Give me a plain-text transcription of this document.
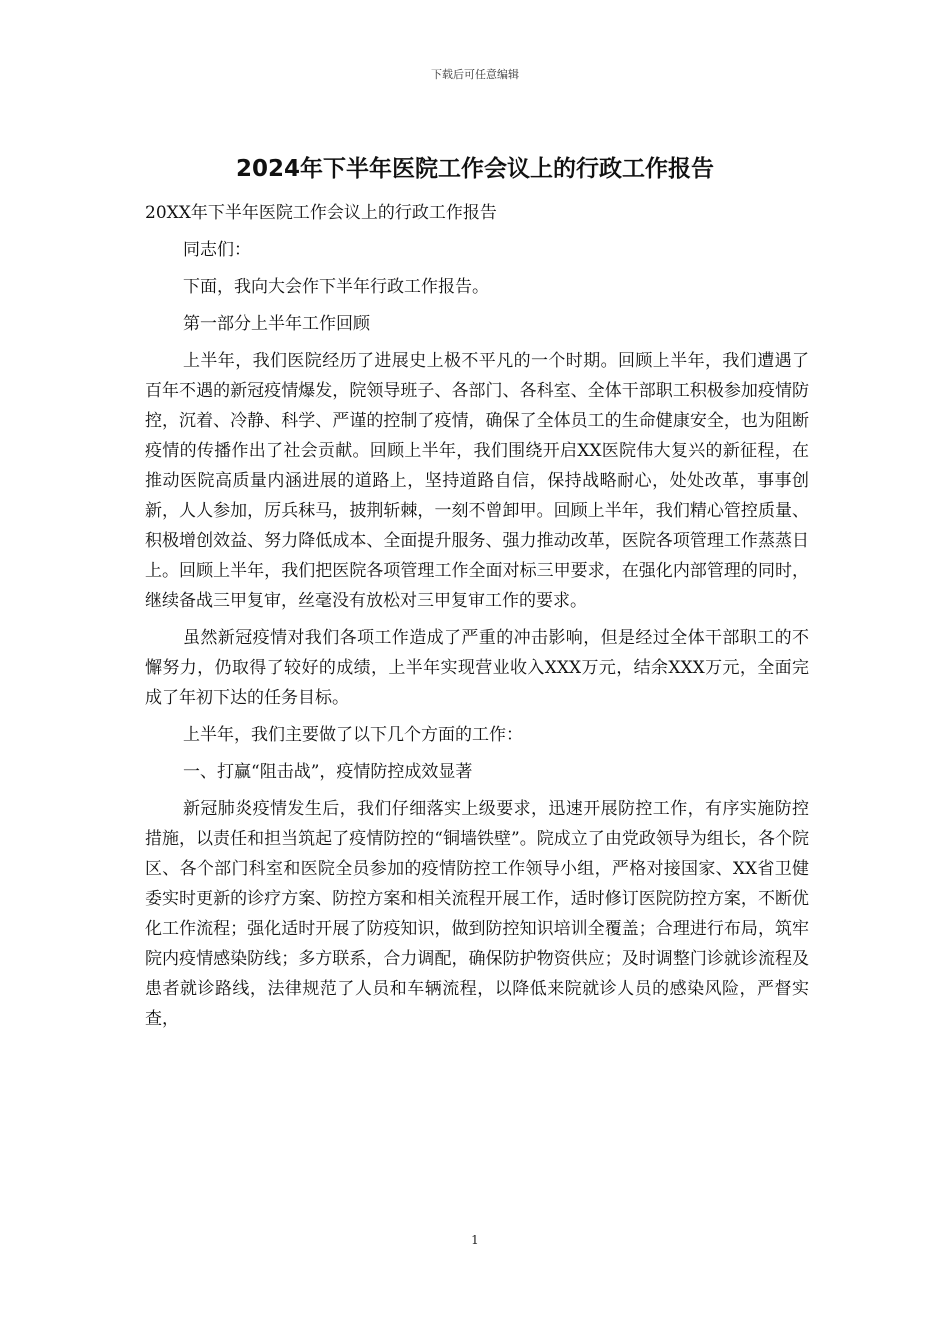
下载后可任意编辑
2024年下半年医院工作会议上的行政工作报告

20XX年下半年医院工作会议上的行政工作报告

同志们：

下面，我向大会作下半年行政工作报告。

第一部分上半年工作回顾

上半年，我们医院经历了进展史上极不平凡的一个时期。回顾上半年，我们遭遇了百年不遇的新冠疫情爆发，院领导班子、各部门、各科室、全体干部职工积极参加疫情防控，沉着、冷静、科学、严谨的控制了疫情，确保了全体员工的生命健康安全，也为阻断疫情的传播作出了社会贡献。回顾上半年，我们围绕开启XX医院伟大复兴的新征程，在推动医院高质量内涵进展的道路上，坚持道路自信，保持战略耐心，处处改革，事事创新，人人参加，厉兵秣马，披荆斩棘，一刻不曾卸甲。回顾上半年，我们精心管控质量、积极增创效益、努力降低成本、全面提升服务、强力推动改革，医院各项管理工作蒸蒸日上。回顾上半年，我们把医院各项管理工作全面对标三甲要求，在强化内部管理的同时，继续备战三甲复审，丝毫没有放松对三甲复审工作的要求。

虽然新冠疫情对我们各项工作造成了严重的冲击影响，但是经过全体干部职工的不懈努力，仍取得了较好的成绩，上半年实现营业收入XXX万元，结余XXX万元，全面完成了年初下达的任务目标。

上半年，我们主要做了以下几个方面的工作：

一、打赢“阻击战”，疫情防控成效显著

新冠肺炎疫情发生后，我们仔细落实上级要求，迅速开展防控工作，有序实施防控措施，以责任和担当筑起了疫情防控的“铜墙铁壁”。院成立了由党政领导为组长，各个院区、各个部门科室和医院全员参加的疫情防控工作领导小组，严格对接国家、XX省卫健委实时更新的诊疗方案、防控方案和相关流程开展工作，适时修订医院防控方案，不断优化工作流程；强化适时开展了防疫知识，做到防控知识培训全覆盖；合理进行布局，筑牢院内疫情感染防线；多方联系，合力调配，确保防护物资供应；及时调整门诊就诊流程及患者就诊路线，法律规范了人员和车辆流程，以降低来院就诊人员的感染风险，严督实查，

1
